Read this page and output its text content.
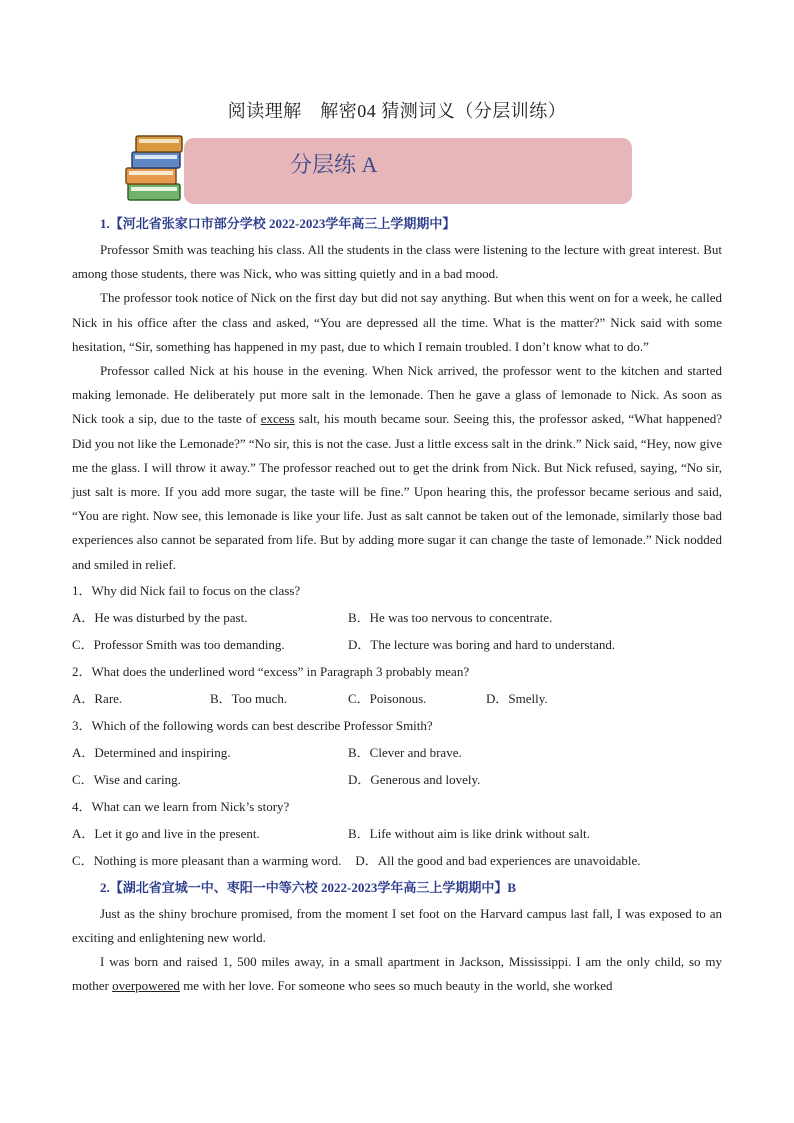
阅读理解　解密04 猜测词义（分层训练）
分层练 A

1.【河北省张家口市部分学校 2022-2023学年高三上学期期中】

Professor Smith was teaching his class. All the students in the class were listening to the lecture with great interest. But among those students, there was Nick, who was sitting quietly and in a bad mood.

The professor took notice of Nick on the first day but did not say anything. But when this went on for a week, he called Nick in his office after the class and asked, “You are depressed all the time. What is the matter?” Nick said with some hesitation, “Sir, something has happened in my past, due to which I remain troubled. I don’t know what to do.”

Professor called Nick at his house in the evening. When Nick arrived, the professor went to the kitchen and started making lemonade. He deliberately put more salt in the lemonade. Then he gave a glass of lemonade to Nick. As soon as Nick took a sip, due to the taste of excess salt, his mouth became sour. Seeing this, the professor asked, “What happened? Did you not like the Lemonade?” “No sir, this is not the case. Just a little excess salt in the drink.” Nick said, “Hey, now give me the glass. I will throw it away.” The professor reached out to get the drink from Nick. But Nick refused, saying, “No sir, just salt is more. If you add more sugar, the taste will be fine.” Upon hearing this, the professor became serious and said, “You are right. Now see, this lemonade is like your life. Just as salt cannot be taken out of the lemonade, similarly those bad experiences also cannot be separated from life. But by adding more sugar it can change the taste of lemonade.” Nick nodded and smiled in relief.

1．Why did Nick fail to focus on the class?

A．He was disturbed by the past.	B．He was too nervous to concentrate.
C．Professor Smith was too demanding.	D．The lecture was boring and hard to understand.

2．What does the underlined word “excess” in Paragraph 3 probably mean?

A．Rare.	B．Too much.	C．Poisonous.	D．Smelly.

3．Which of the following words can best describe Professor Smith?

A．Determined and inspiring.	B．Clever and brave.
C．Wise and caring.	D．Generous and lovely.

4．What can we learn from Nick’s story?

A．Let it go and live in the present.	B．Life without aim is like drink without salt.
C．Nothing is more pleasant than a warming word. D．All the good and bad experiences are unavoidable.

2.【湖北省宜城一中、枣阳一中等六校 2022-2023学年高三上学期期中】B

Just as the shiny brochure promised, from the moment I set foot on the Harvard campus last fall, I was exposed to an exciting and enlightening new world.

I was born and raised 1, 500 miles away, in a small apartment in Jackson, Mississippi. I am the only child, so my mother overpowered me with her love. For someone who sees so much beauty in the world, she worked
